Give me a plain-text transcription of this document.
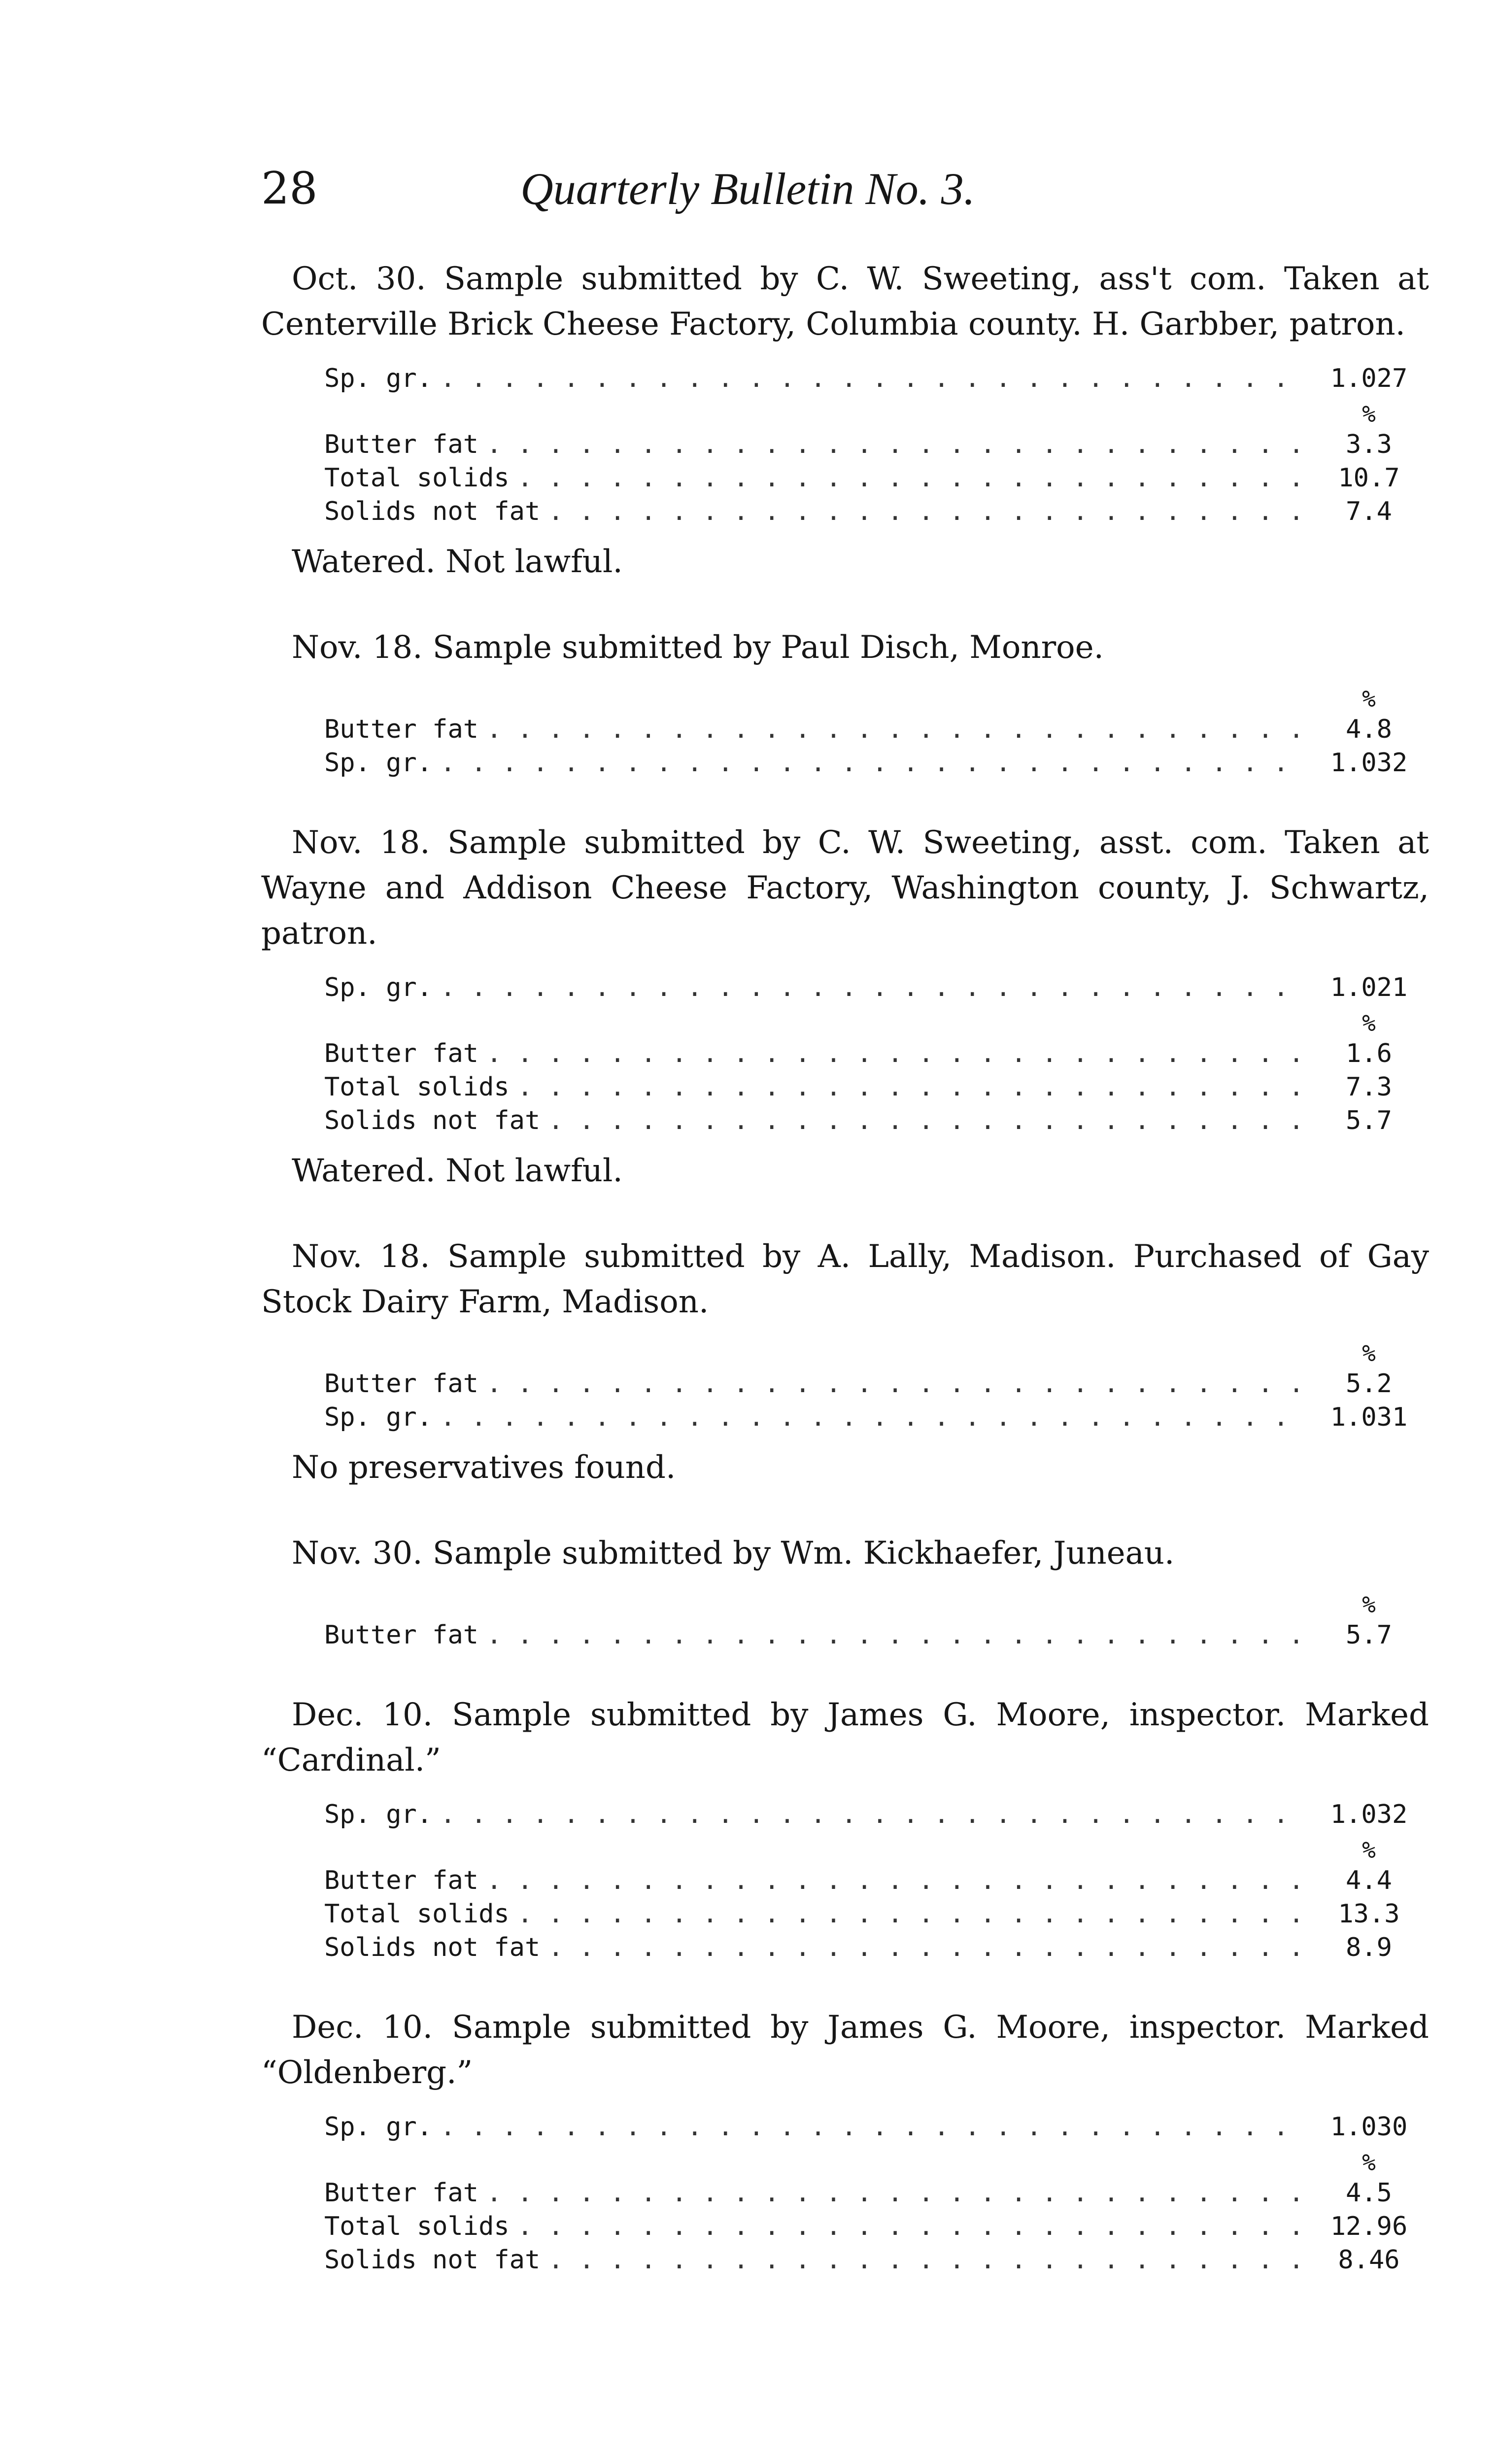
28	Quarterly Bulletin No. 3.

Oct. 30. Sample submitted by C. W. Sweeting, ass't com. Taken at Centerville Brick Cheese Factory, Columbia county. H. Garbber, patron.

Sp. gr. . . .	1.027
%
Butter fat . . .	3.3
Total solids . . .	10.7
Solids not fat . . .	7.4
Watered. Not lawful.

Nov. 18. Sample submitted by Paul Disch, Monroe.

%
Butter fat . . .	4.8
Sp. gr. . . .	1.032

Nov. 18. Sample submitted by C. W. Sweeting, asst. com. Taken at Wayne and Addison Cheese Factory, Washington county, J. Schwartz, patron.

Sp. gr. . . .	1.021
%
Butter fat . . .	1.6
Total solids . . .	7.3
Solids not fat . . .	5.7
Watered. Not lawful.

Nov. 18. Sample submitted by A. Lally, Madison. Purchased of Gay Stock Dairy Farm, Madison.

%
Butter fat . . .	5.2
Sp. gr. . . .	1.031
No preservatives found.

Nov. 30. Sample submitted by Wm. Kickhaefer, Juneau.

%
Butter fat . . .	5.7

Dec. 10. Sample submitted by James G. Moore, inspector. Marked “Cardinal.”

Sp. gr. . . .	1.032
%
Butter fat . . .	4.4
Total solids . . .	13.3
Solids not fat . . .	8.9

Dec. 10. Sample submitted by James G. Moore, inspector. Marked “Oldenberg.”

Sp. gr. . . .	1.030
%
Butter fat . . .	4.5
Total solids . . .	12.96
Solids not fat . . .	8.46
